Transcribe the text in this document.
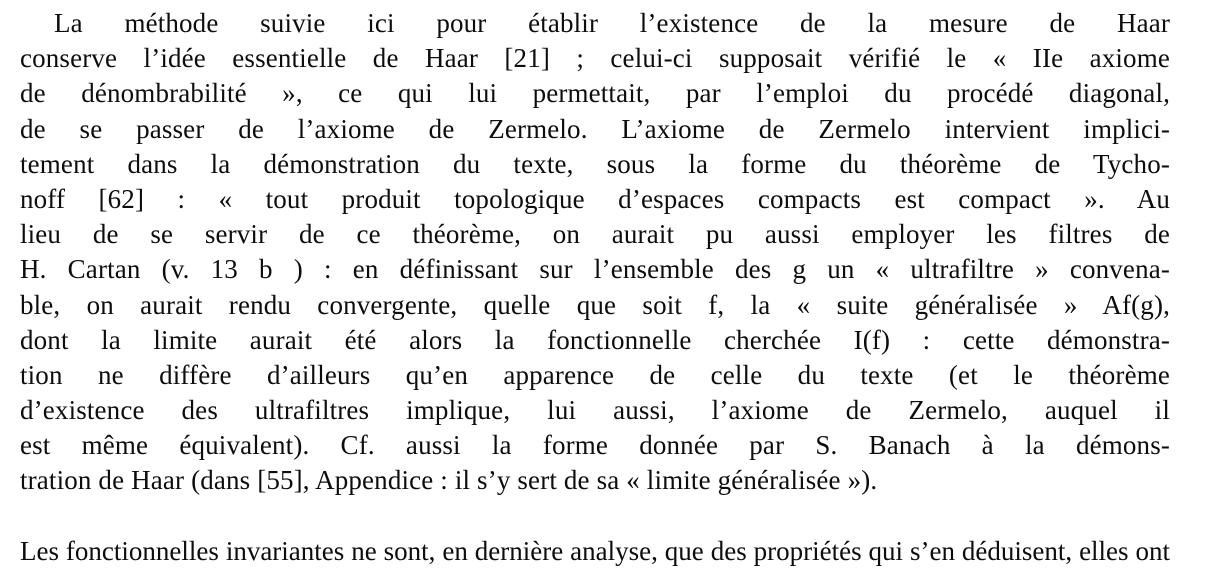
La méthode suivie ici pour établir l’existence de la mesure de Haar
conserve l’idée essentielle de Haar [21] ; celui-ci supposait vérifié le « IIe axiome
de dénombrabilité », ce qui lui permettait, par l’emploi du procédé diagonal,
de se passer de l’axiome de Zermelo. L’axiome de Zermelo intervient implici-
tement dans la démonstration du texte, sous la forme du théorème de Tycho-
noff [62] : « tout produit topologique d’espaces compacts est compact ». Au
lieu de se servir de ce théorème, on aurait pu aussi employer les filtres de
H. Cartan (v. 13 b ) : en définissant sur l’ensemble des g un « ultrafiltre » convena-
ble, on aurait rendu convergente, quelle que soit f, la « suite généralisée » Af(g),
dont la limite aurait été alors la fonctionnelle cherchée I(f) : cette démonstra-
tion ne diffère d’ailleurs qu’en apparence de celle du texte (et le théorème
d’existence des ultrafiltres implique, lui aussi, l’axiome de Zermelo, auquel il
est même équivalent). Cf. aussi la forme donnée par S. Banach à la démons-
tration de Haar (dans [55], Appendice : il s’y sert de sa « limite généralisée »).
Les fonctionnelles invariantes ne sont, en dernière analyse, que des propriétés qui s’en déduisent, elles ont
